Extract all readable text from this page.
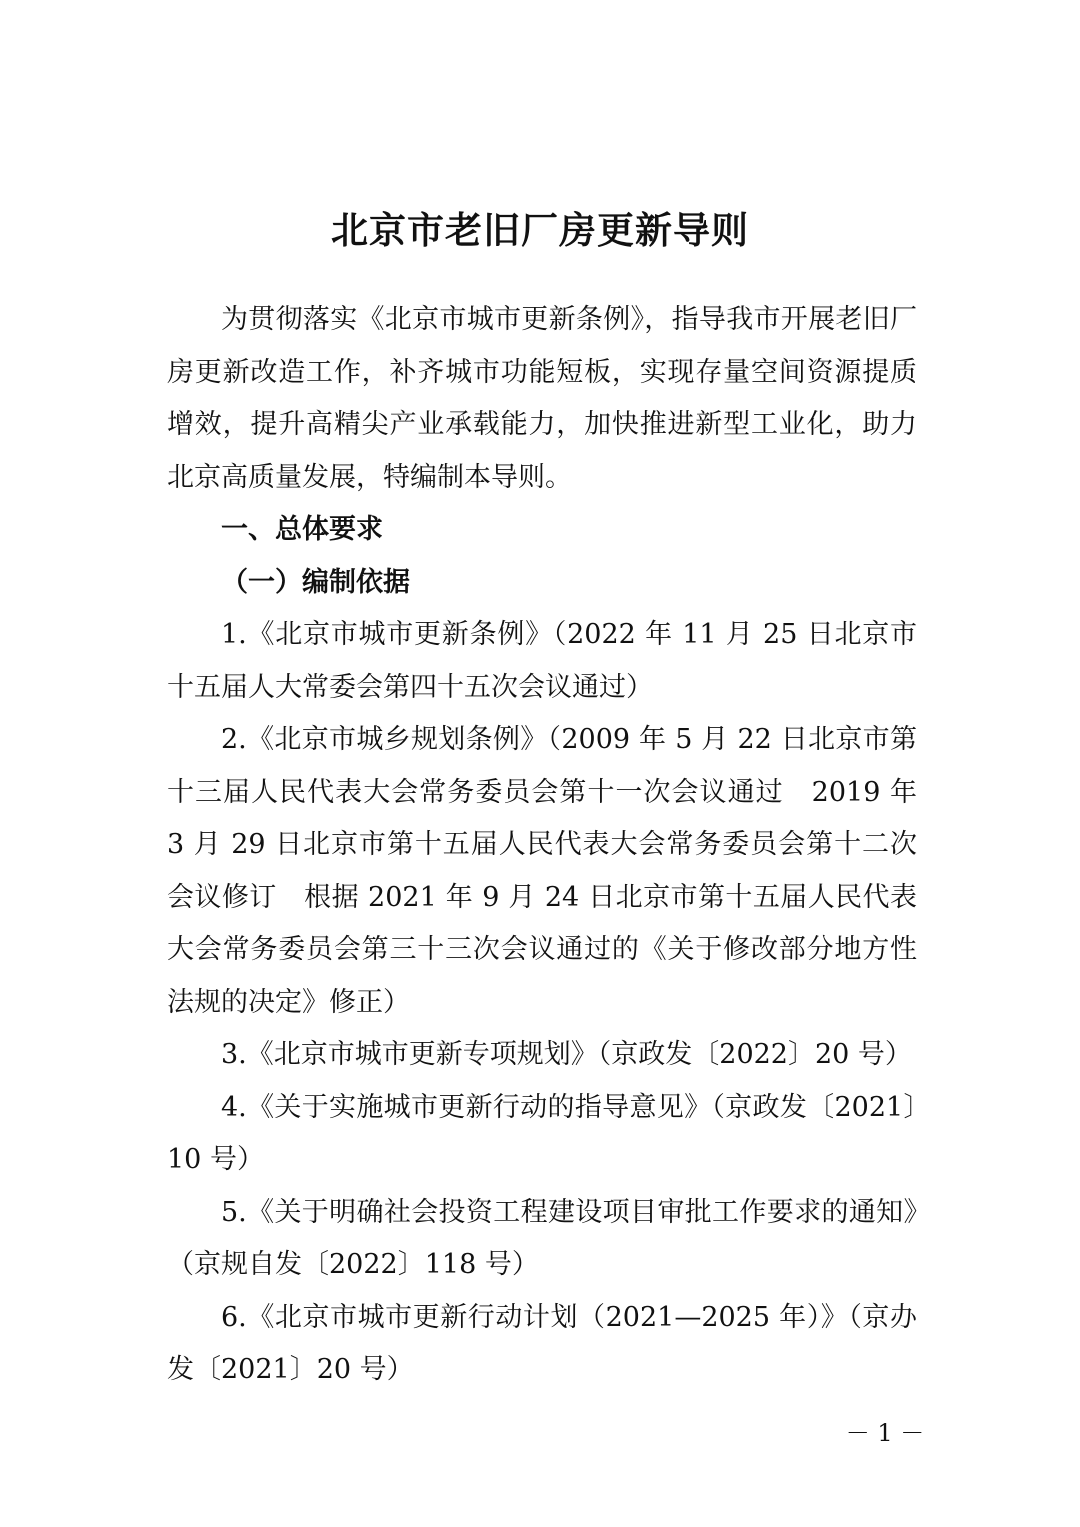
北京市老旧厂房更新导则

为贯彻落实《北京市城市更新条例》，指导我市开展老旧厂房更新改造工作，补齐城市功能短板，实现存量空间资源提质增效，提升高精尖产业承载能力，加快推进新型工业化，助力北京高质量发展，特编制本导则。

一、总体要求

（一）编制依据

1.《北京市城市更新条例》（2022 年 11 月 25 日北京市十五届人大常委会第四十五次会议通过）

2.《北京市城乡规划条例》（2009 年 5 月 22 日北京市第十三届人民代表大会常务委员会第十一次会议通过　2019 年 3 月 29 日北京市第十五届人民代表大会常务委员会第十二次会议修订　根据 2021 年 9 月 24 日北京市第十五届人民代表大会常务委员会第三十三次会议通过的《关于修改部分地方性法规的决定》修正）

3.《北京市城市更新专项规划》（京政发〔2022〕20 号）

4.《关于实施城市更新行动的指导意见》（京政发〔2021〕10 号）

5.《关于明确社会投资工程建设项目审批工作要求的通知》（京规自发〔2022〕118 号）

6.《北京市城市更新行动计划（2021—2025 年）》（京办发〔2021〕20 号）

－ 1 －
